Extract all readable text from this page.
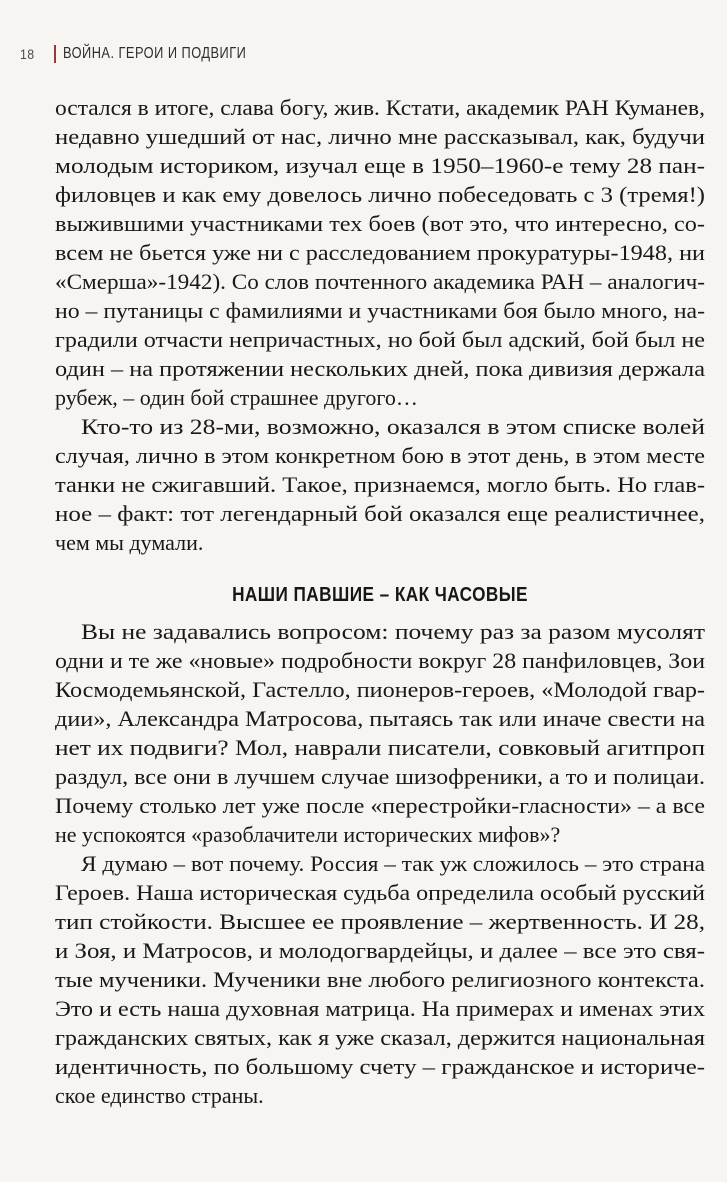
18	ВОЙНА. ГЕРОИ И ПОДВИГИ
остался в итоге, слава богу, жив. Кстати, академик РАН Куманев,
недавно ушедший от нас, лично мне рассказывал, как, будучи
молодым историком, изучал еще в 1950–1960-е тему 28 пан-
филовцев и как ему довелось лично побеседовать с 3 (тремя!)
выжившими участниками тех боев (вот это, что интересно, со-
всем не бьется уже ни с расследованием прокуратуры-1948, ни
«Смерша»-1942). Со слов почтенного академика РАН – аналогич-
но – путаницы с фамилиями и участниками боя было много, на-
градили отчасти непричастных, но бой был адский, бой был не
один – на протяжении нескольких дней, пока дивизия держала
рубеж, – один бой страшнее другого…
Кто-то из 28-ми, возможно, оказался в этом списке волей
случая, лично в этом конкретном бою в этот день, в этом месте
танки не сжигавший. Такое, признаемся, могло быть. Но глав-
ное – факт: тот легендарный бой оказался еще реалистичнее,
чем мы думали.
НАШИ ПАВШИЕ – КАК ЧАСОВЫЕ
Вы не задавались вопросом: почему раз за разом мусолят
одни и те же «новые» подробности вокруг 28 панфиловцев, Зои
Космодемьянской, Гастелло, пионеров-героев, «Молодой гвар-
дии», Александра Матросова, пытаясь так или иначе свести на
нет их подвиги? Мол, наврали писатели, совковый агитпроп
раздул, все они в лучшем случае шизофреники, а то и полицаи.
Почему столько лет уже после «перестройки-гласности» – а все
не успокоятся «разоблачители исторических мифов»?
Я думаю – вот почему. Россия – так уж сложилось – это страна
Героев. Наша историческая судьба определила особый русский
тип стойкости. Высшее ее проявление – жертвенность. И 28,
и Зоя, и Матросов, и молодогвардейцы, и далее – все это свя-
тые мученики. Мученики вне любого религиозного контекста.
Это и есть наша духовная матрица. На примерах и именах этих
гражданских святых, как я уже сказал, держится национальная
идентичность, по большому счету – гражданское и историче-
ское единство страны.
